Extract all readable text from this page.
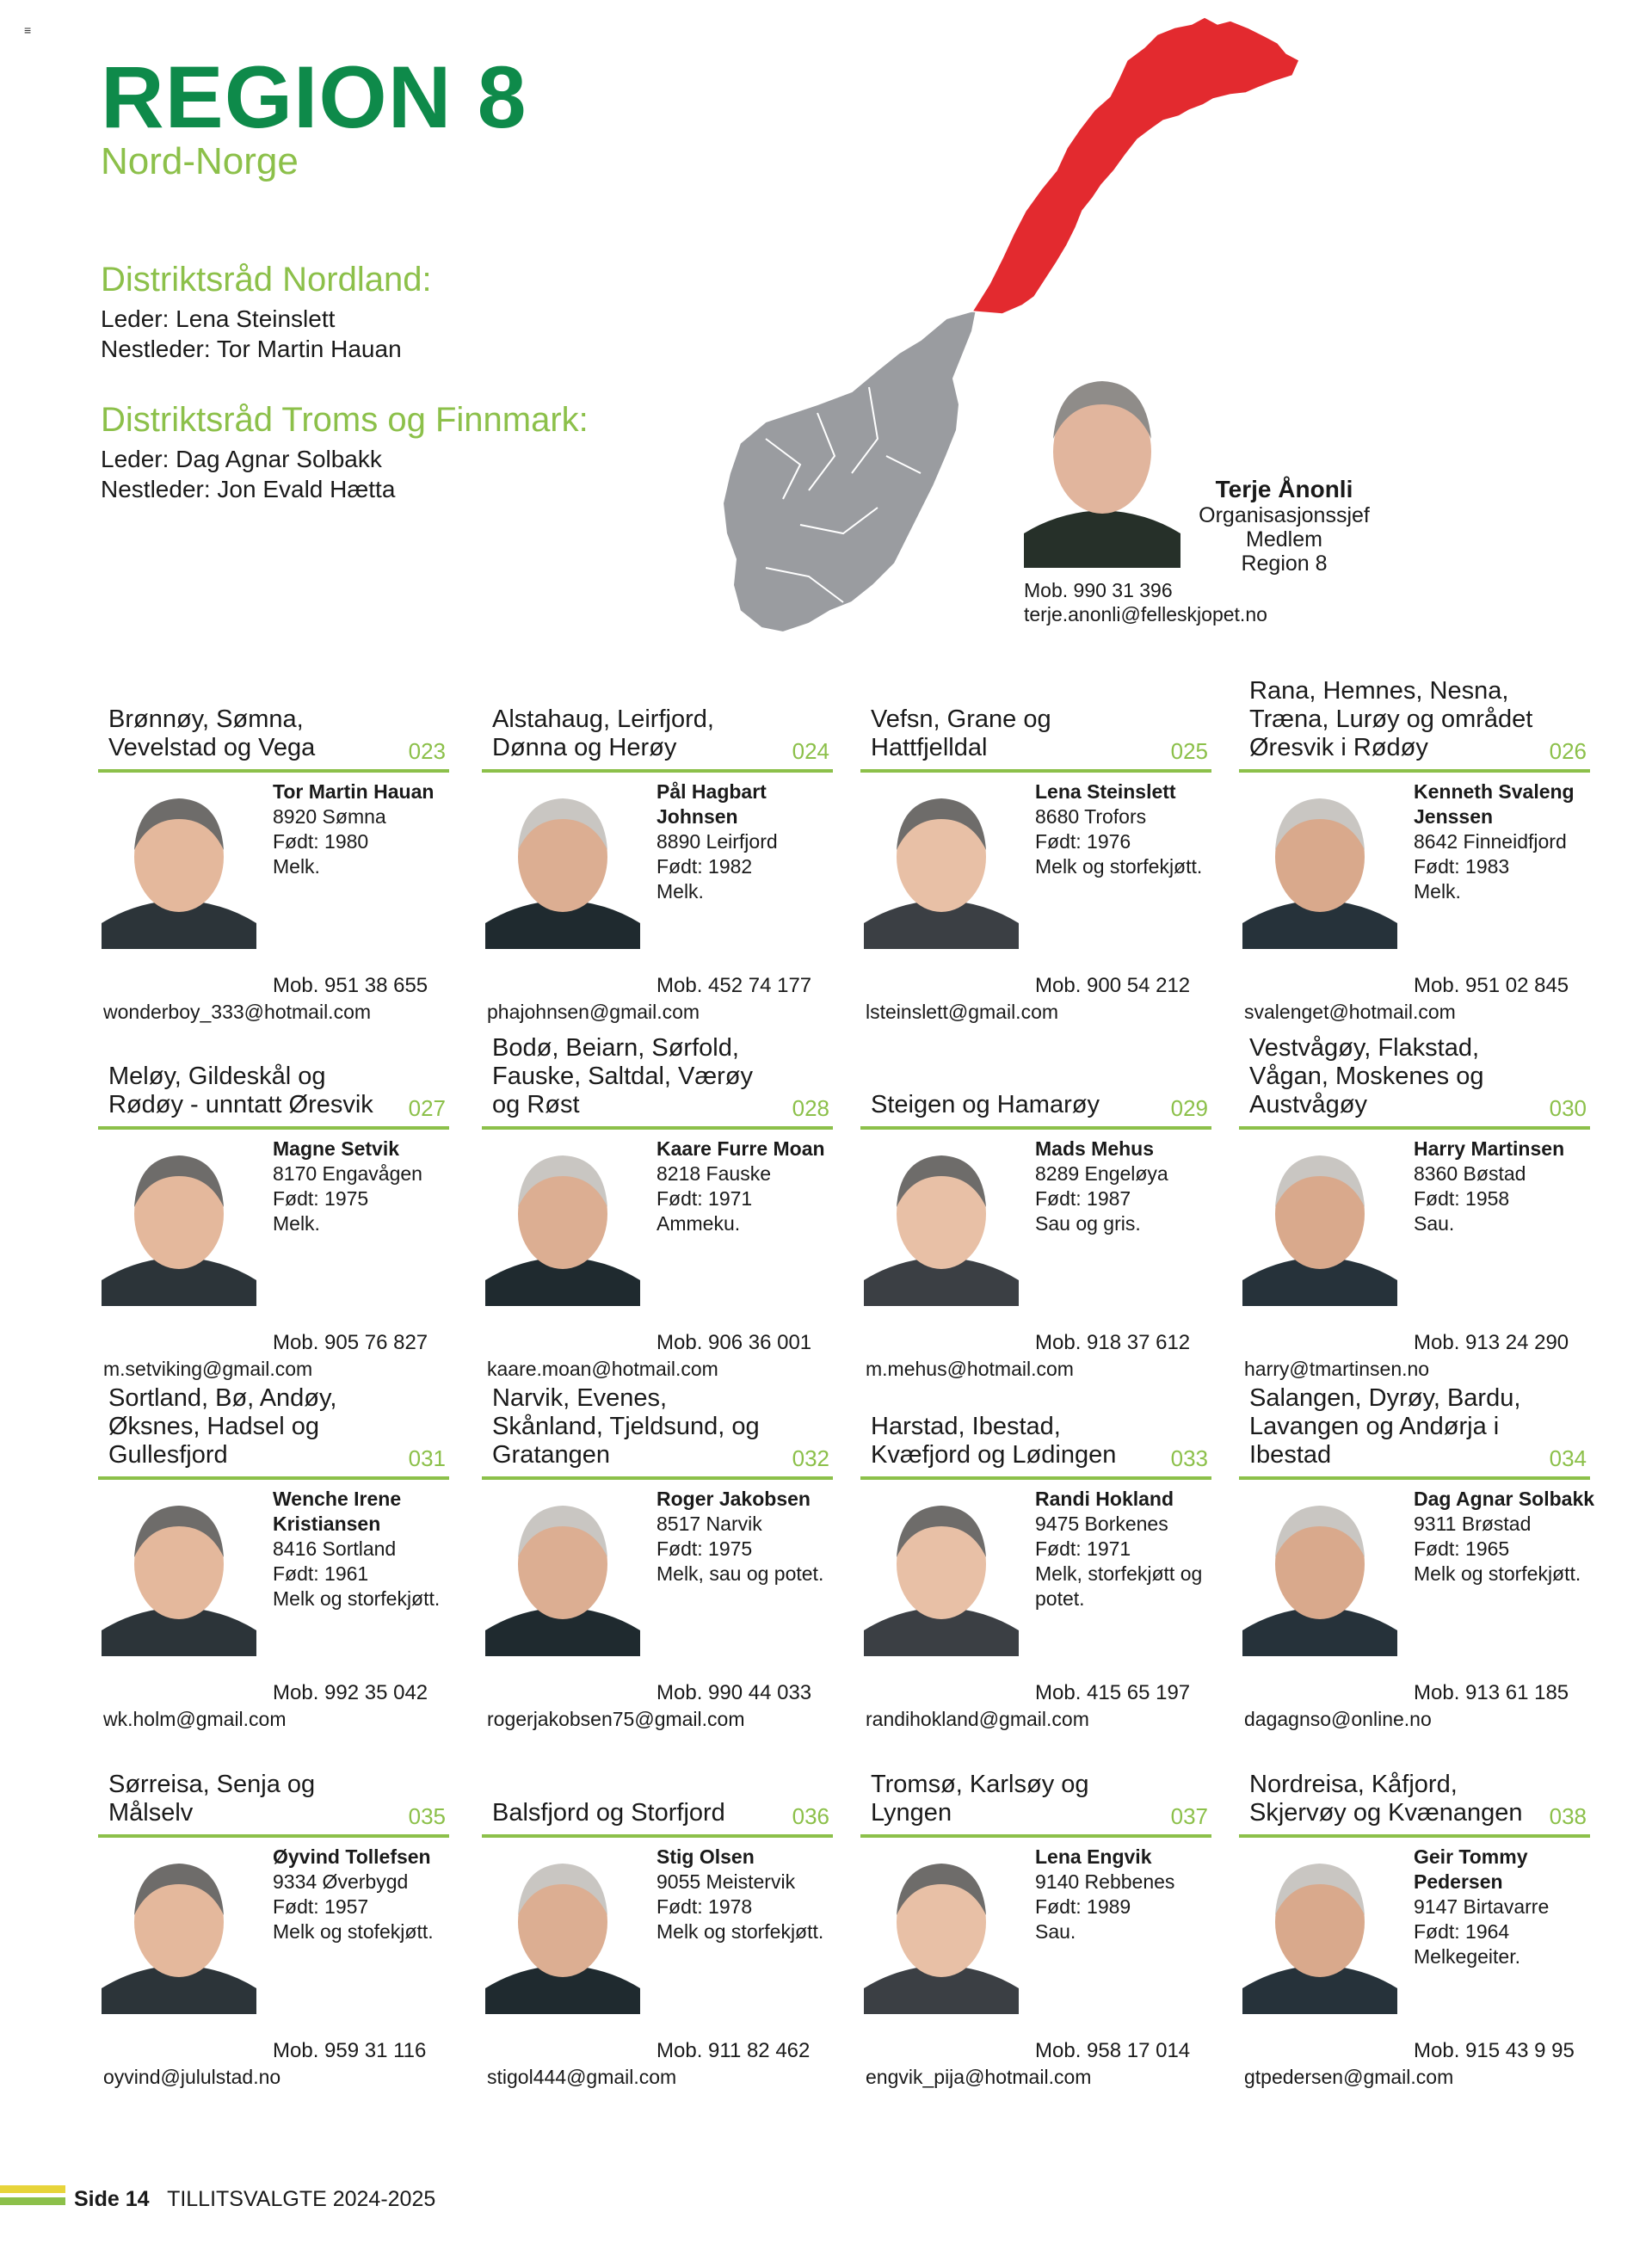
≡
REGION 8
Nord-Norge
Distriktsråd Nordland:

Leder: Lena Steinslett

Nestleder: Tor Martin Hauan

Distriktsråd Troms og Finnmark:

Leder: Dag Agnar Solbakk

Nestleder: Jon Evald Hætta	Terje Ånonli
Organisasjonssjef
Medlem
Region 8
Mob. 990 31 396
terje.anonli@felleskjopet.no
Brønnøy, Sømna, Vevelstad og Vega	023
Tor Martin Hauan
8920 Sømna
Født: 1980
Melk.
Mob. 951 38 655
wonderboy_333@hotmail.com
Alstahaug, Leirfjord, Dønna og Herøy	024
Pål Hagbart Johnsen
8890 Leirfjord
Født: 1982
Melk.
Mob. 452 74 177
phajohnsen@gmail.com
Vefsn, Grane og Hattfjelldal	025
Lena Steinslett
8680 Trofors
Født: 1976
Melk og storfekjøtt.
Mob. 900 54 212
lsteinslett@gmail.com
Rana, Hemnes, Nesna, Træna, Lurøy og området Øresvik i Rødøy	026
Kenneth Svaleng Jenssen
8642 Finneidfjord
Født: 1983
Melk.
Mob. 951 02 845
svalenget@hotmail.com
Meløy, Gildeskål og Rødøy - unntatt Øresvik	027
Magne Setvik
8170 Engavågen
Født: 1975
Melk.
Mob. 905 76 827
m.setviking@gmail.com
Bodø, Beiarn, Sørfold, Fauske, Saltdal, Værøy og Røst	028
Kaare Furre Moan
8218 Fauske
Født: 1971
Ammeku.
Mob. 906 36 001
kaare.moan@hotmail.com
Steigen og Hamarøy	029
Mads Mehus
8289 Engeløya
Født: 1987
Sau og gris.
Mob. 918 37 612
m.mehus@hotmail.com
Vestvågøy, Flakstad, Vågan, Moskenes og Austvågøy	030
Harry Martinsen
8360 Bøstad
Født: 1958
Sau.
Mob. 913 24 290
harry@tmartinsen.no
Sortland, Bø, Andøy, Øksnes, Hadsel og Gullesfjord	031
Wenche Irene Kristiansen
8416 Sortland
Født: 1961
Melk og storfekjøtt.
Mob. 992 35 042
wk.holm@gmail.com
Narvik, Evenes, Skånland, Tjeldsund, og Gratangen	032
Roger Jakobsen
8517 Narvik
Født: 1975
Melk, sau og potet.
Mob. 990 44 033
rogerjakobsen75@gmail.com
Harstad, Ibestad, Kvæfjord og Lødingen	033
Randi Hokland
9475 Borkenes
Født: 1971
Melk, storfekjøtt og potet.
Mob. 415 65 197
randihokland@gmail.com
Salangen, Dyrøy, Bardu, Lavangen og Andørja i Ibestad	034
Dag Agnar Solbakk
9311 Brøstad
Født: 1965
Melk og storfekjøtt.
Mob. 913 61 185
dagagnso@online.no
Sørreisa, Senja og Målselv	035
Øyvind Tollefsen
9334 Øverbygd
Født: 1957
Melk og stofekjøtt.
Mob. 959 31 116
oyvind@jululstad.no
Balsfjord og Storfjord	036
Stig Olsen
9055 Meistervik
Født: 1978
Melk og storfekjøtt.
Mob. 911 82 462
stigol444@gmail.com
Tromsø, Karlsøy og Lyngen	037
Lena Engvik
9140 Rebbenes
Født: 1989
Sau.
Mob. 958 17 014
engvik_pija@hotmail.com
Nordreisa, Kåfjord, Skjervøy og Kvænangen	038
Geir Tommy Pedersen
9147 Birtavarre
Født: 1964
Melkegeiter.
Mob. 915 43 9 95
gtpedersen@gmail.com
Side 14 TILLITSVALGTE 2024-2025
